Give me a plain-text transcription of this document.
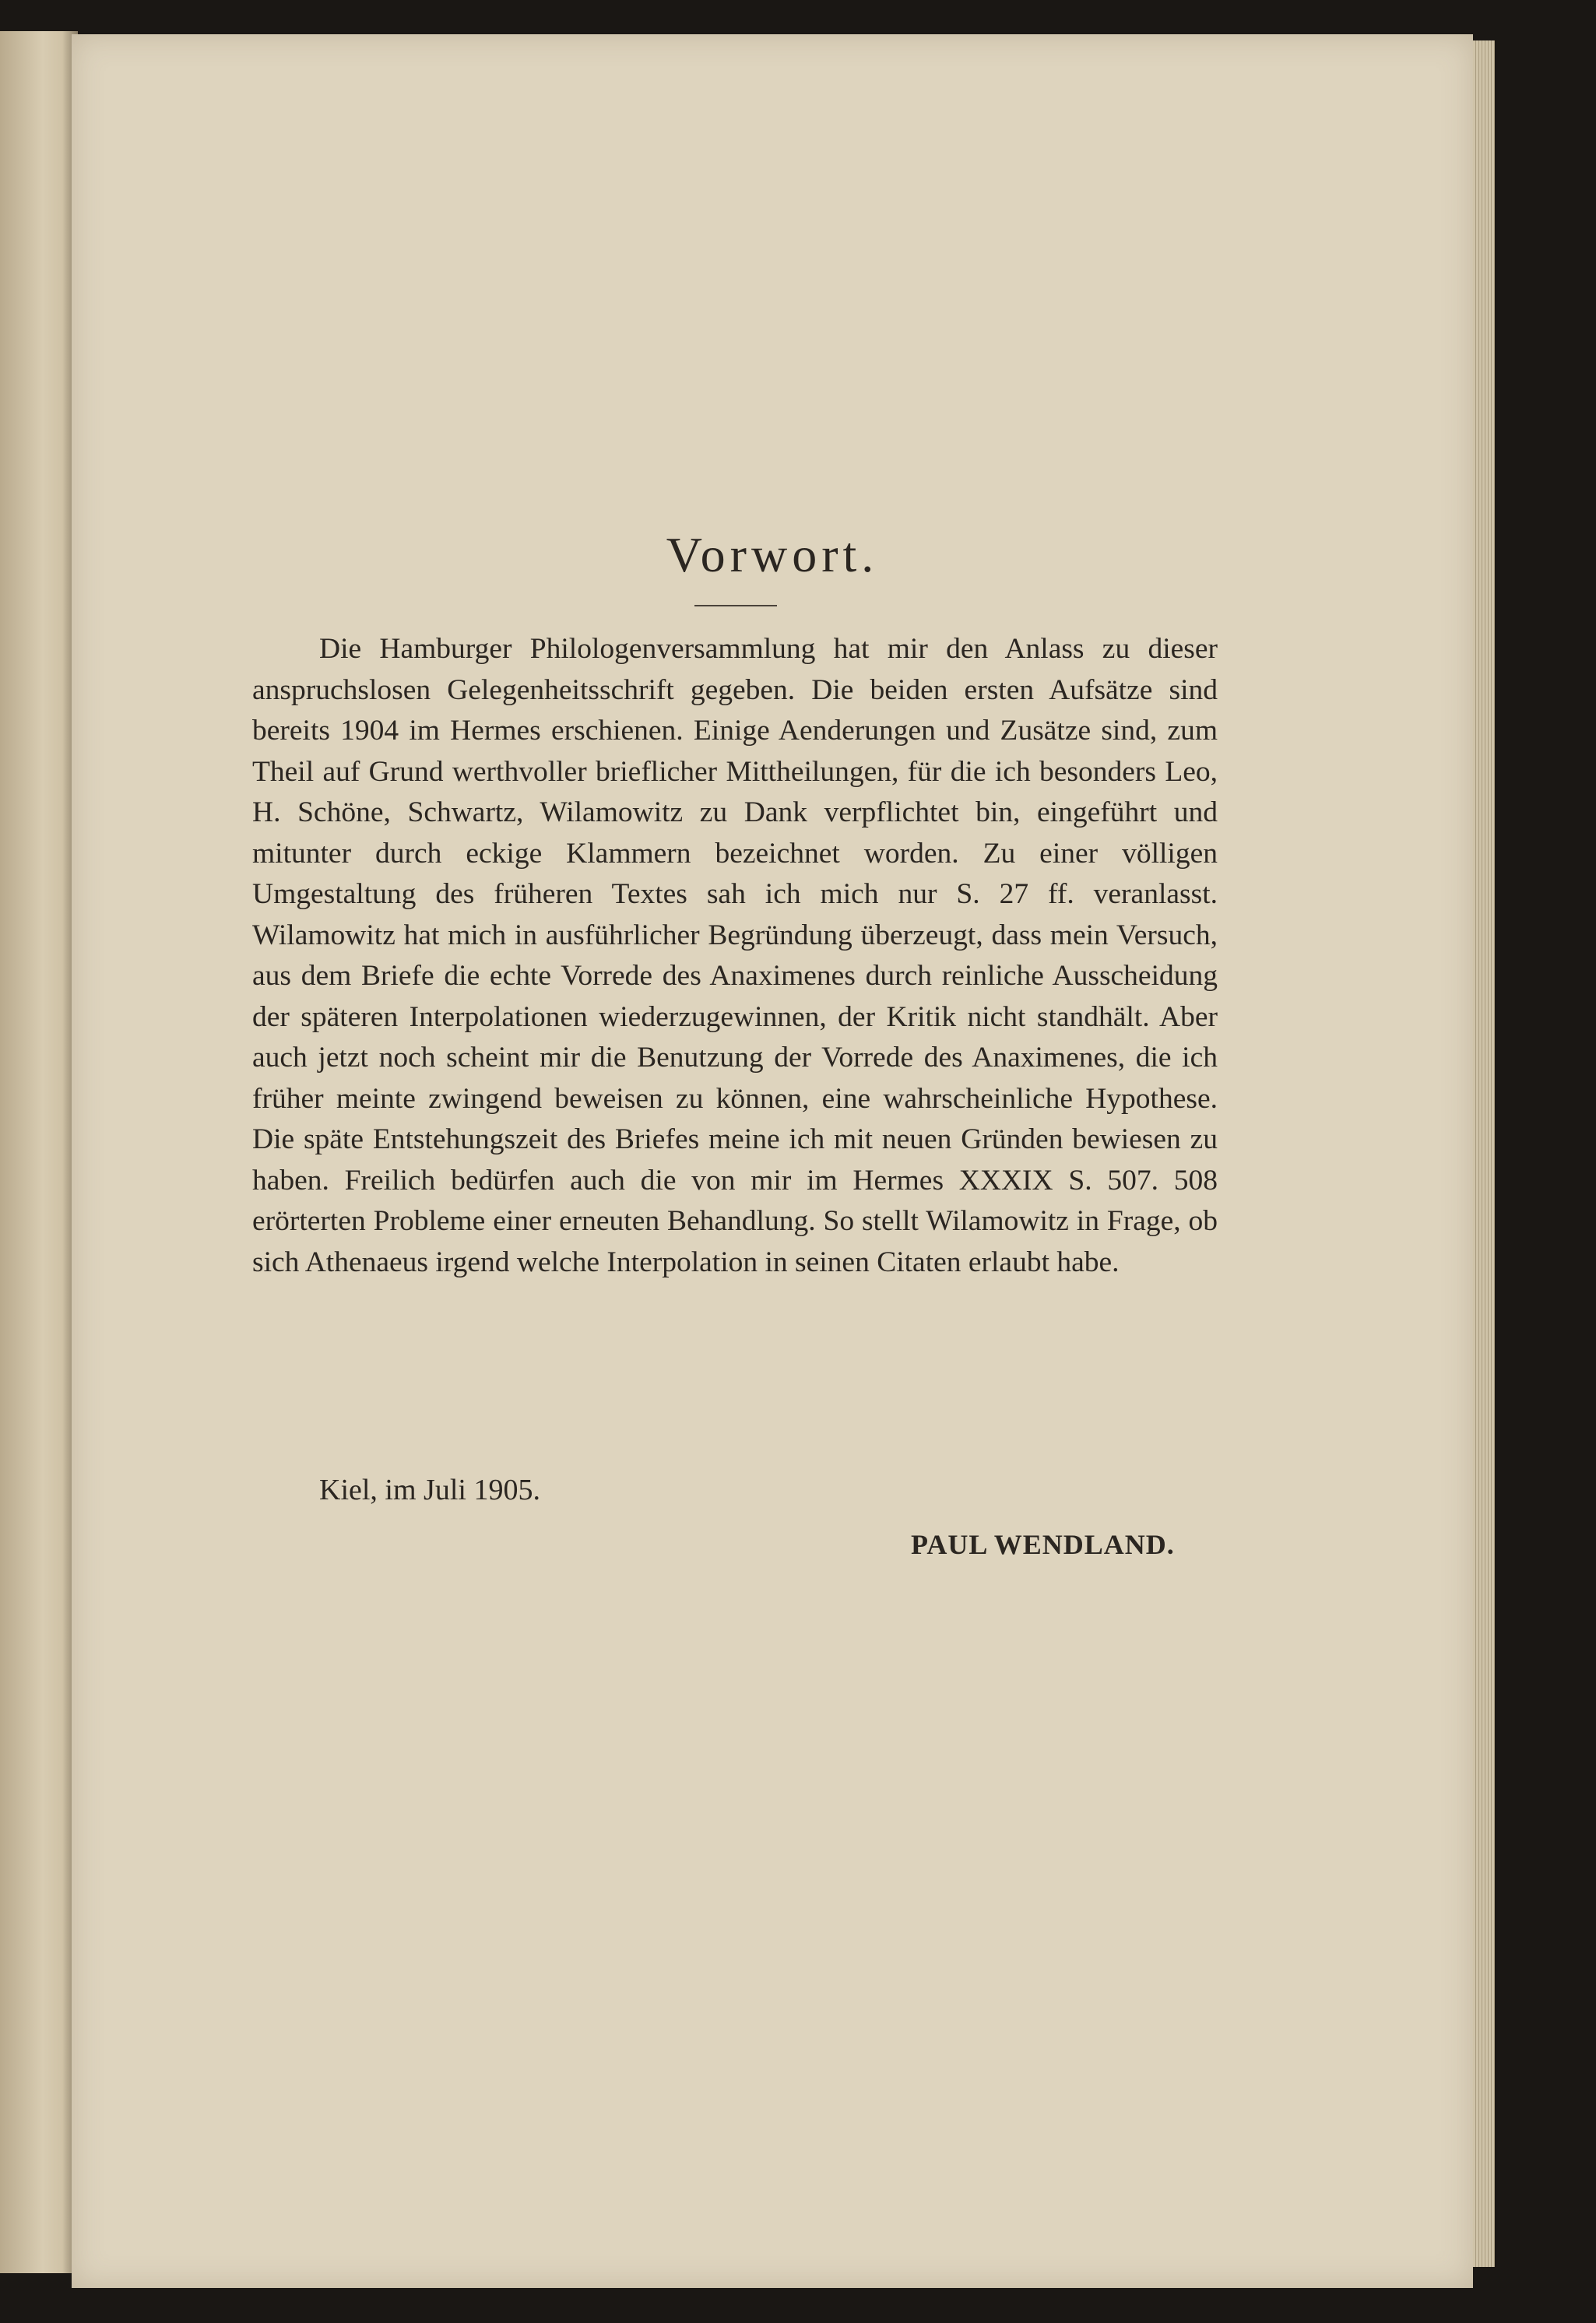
Vorwort.

Die Hamburger Philologenversammlung hat mir den Anlass zu dieser anspruchslosen Gelegenheitsschrift gegeben. Die beiden ersten Aufsätze sind bereits 1904 im Hermes erschienen. Einige Aenderungen und Zusätze sind, zum Theil auf Grund werthvoller brieflicher Mittheilungen, für die ich besonders Leo, H. Schöne, Schwartz, Wilamowitz zu Dank verpflichtet bin, eingeführt und mitunter durch eckige Klammern bezeichnet worden. Zu einer völligen Umgestaltung des früheren Textes sah ich mich nur S. 27 ff. veranlasst. Wilamowitz hat mich in ausführlicher Begründung überzeugt, dass mein Versuch, aus dem Briefe die echte Vorrede des Anaximenes durch reinliche Ausscheidung der späteren Interpolationen wiederzugewinnen, der Kritik nicht standhält. Aber auch jetzt noch scheint mir die Benutzung der Vorrede des Anaximenes, die ich früher meinte zwingend beweisen zu können, eine wahrscheinliche Hypothese. Die späte Entstehungszeit des Briefes meine ich mit neuen Gründen bewiesen zu haben. Freilich bedürfen auch die von mir im Hermes XXXIX S. 507. 508 erörterten Probleme einer erneuten Behandlung. So stellt Wilamowitz in Frage, ob sich Athenaeus irgend welche Interpolation in seinen Citaten erlaubt habe.

Kiel, im Juli 1905.

PAUL WENDLAND.
